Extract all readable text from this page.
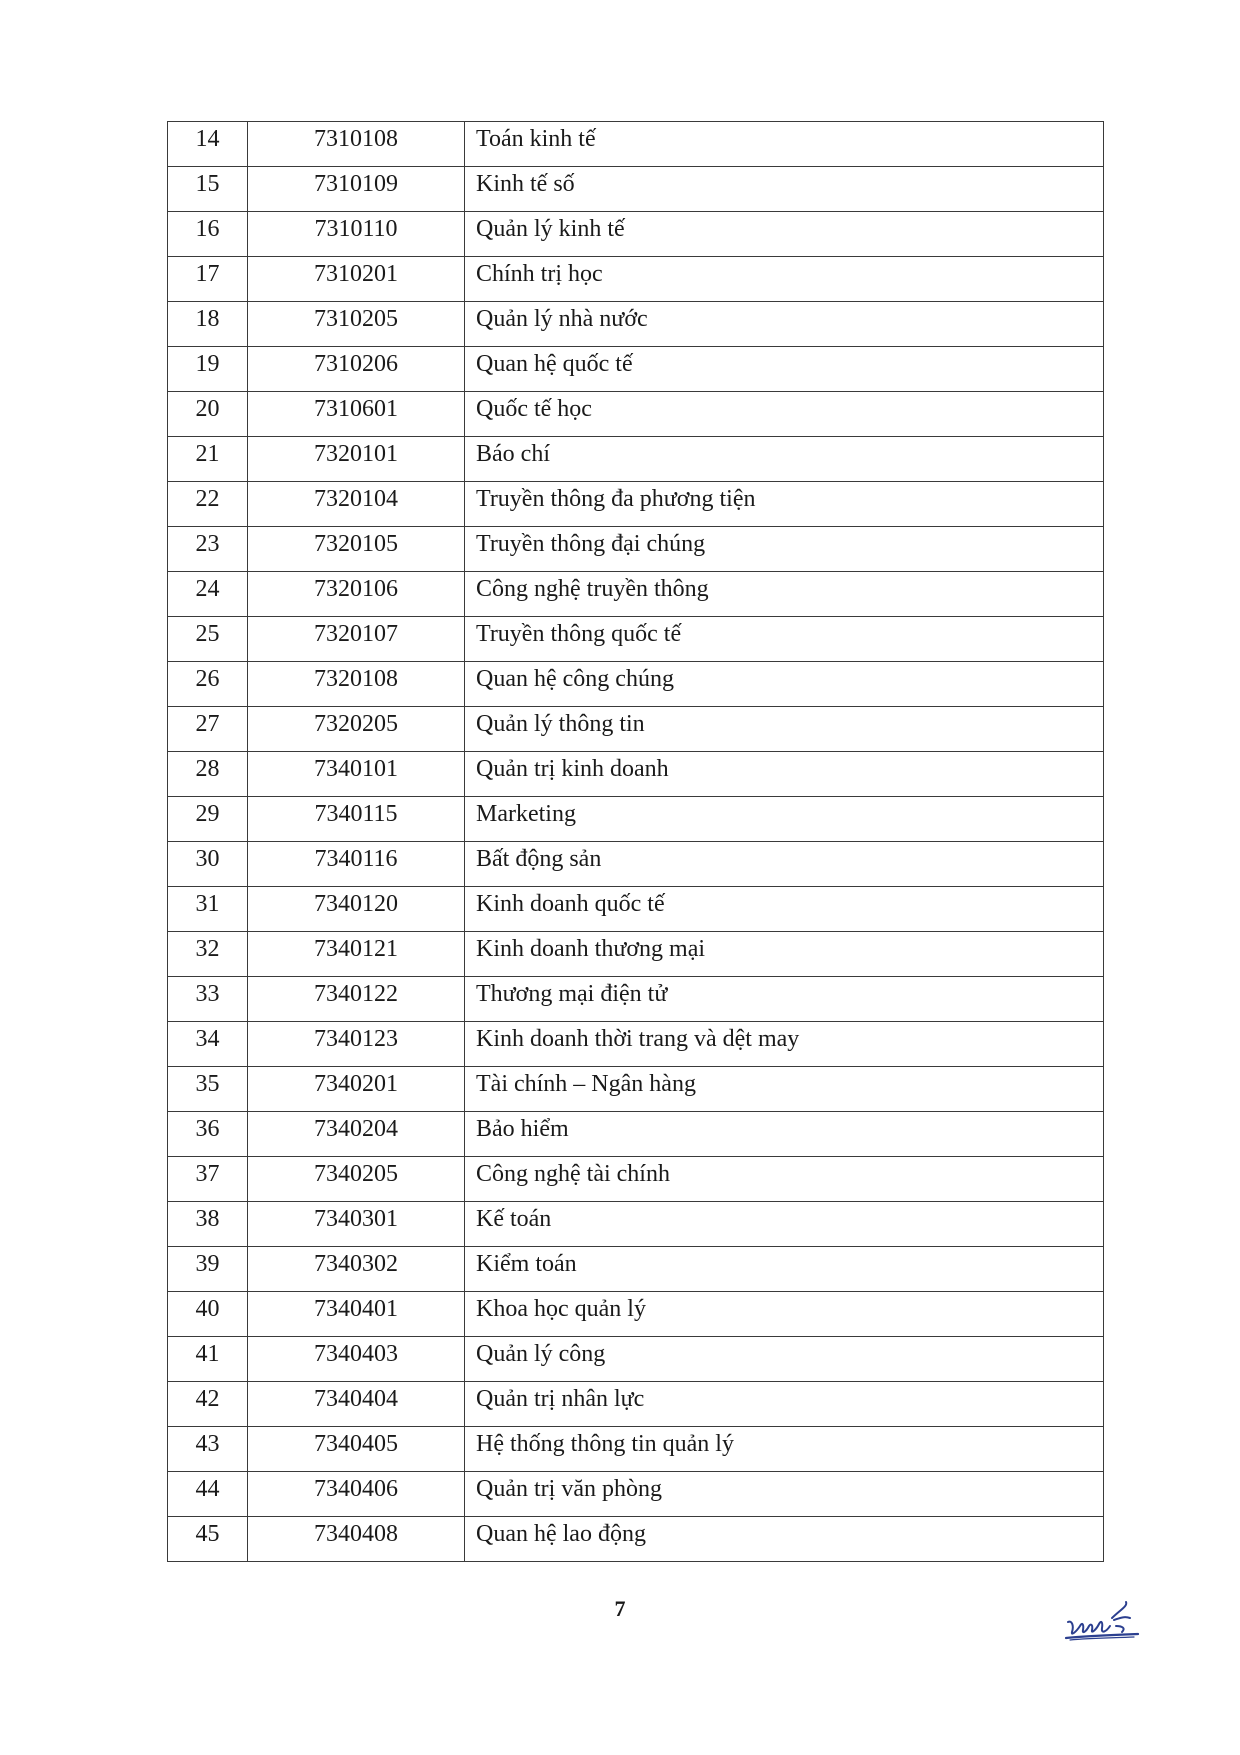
14	7310108	Toán kinh tế

15	7310109	Kinh tế số

16	7310110	Quản lý kinh tế

17	7310201	Chính trị học

18	7310205	Quản lý nhà nước

19	7310206	Quan hệ quốc tế

20	7310601	Quốc tế học

21	7320101	Báo chí

22	7320104	Truyền thông đa phương tiện

23	7320105	Truyền thông đại chúng

24	7320106	Công nghệ truyền thông

25	7320107	Truyền thông quốc tế

26	7320108	Quan hệ công chúng

27	7320205	Quản lý thông tin

28	7340101	Quản trị kinh doanh

29	7340115	Marketing

30	7340116	Bất động sản

31	7340120	Kinh doanh quốc tế

32	7340121	Kinh doanh thương mại

33	7340122	Thương mại điện tử

34	7340123	Kinh doanh thời trang và dệt may

35	7340201	Tài chính – Ngân hàng

36	7340204	Bảo hiểm

37	7340205	Công nghệ tài chính

38	7340301	Kế toán

39	7340302	Kiểm toán

40	7340401	Khoa học quản lý

41	7340403	Quản lý công

42	7340404	Quản trị nhân lực

43	7340405	Hệ thống thông tin quản lý

44	7340406	Quản trị văn phòng

45	7340408	Quan hệ lao động
7
